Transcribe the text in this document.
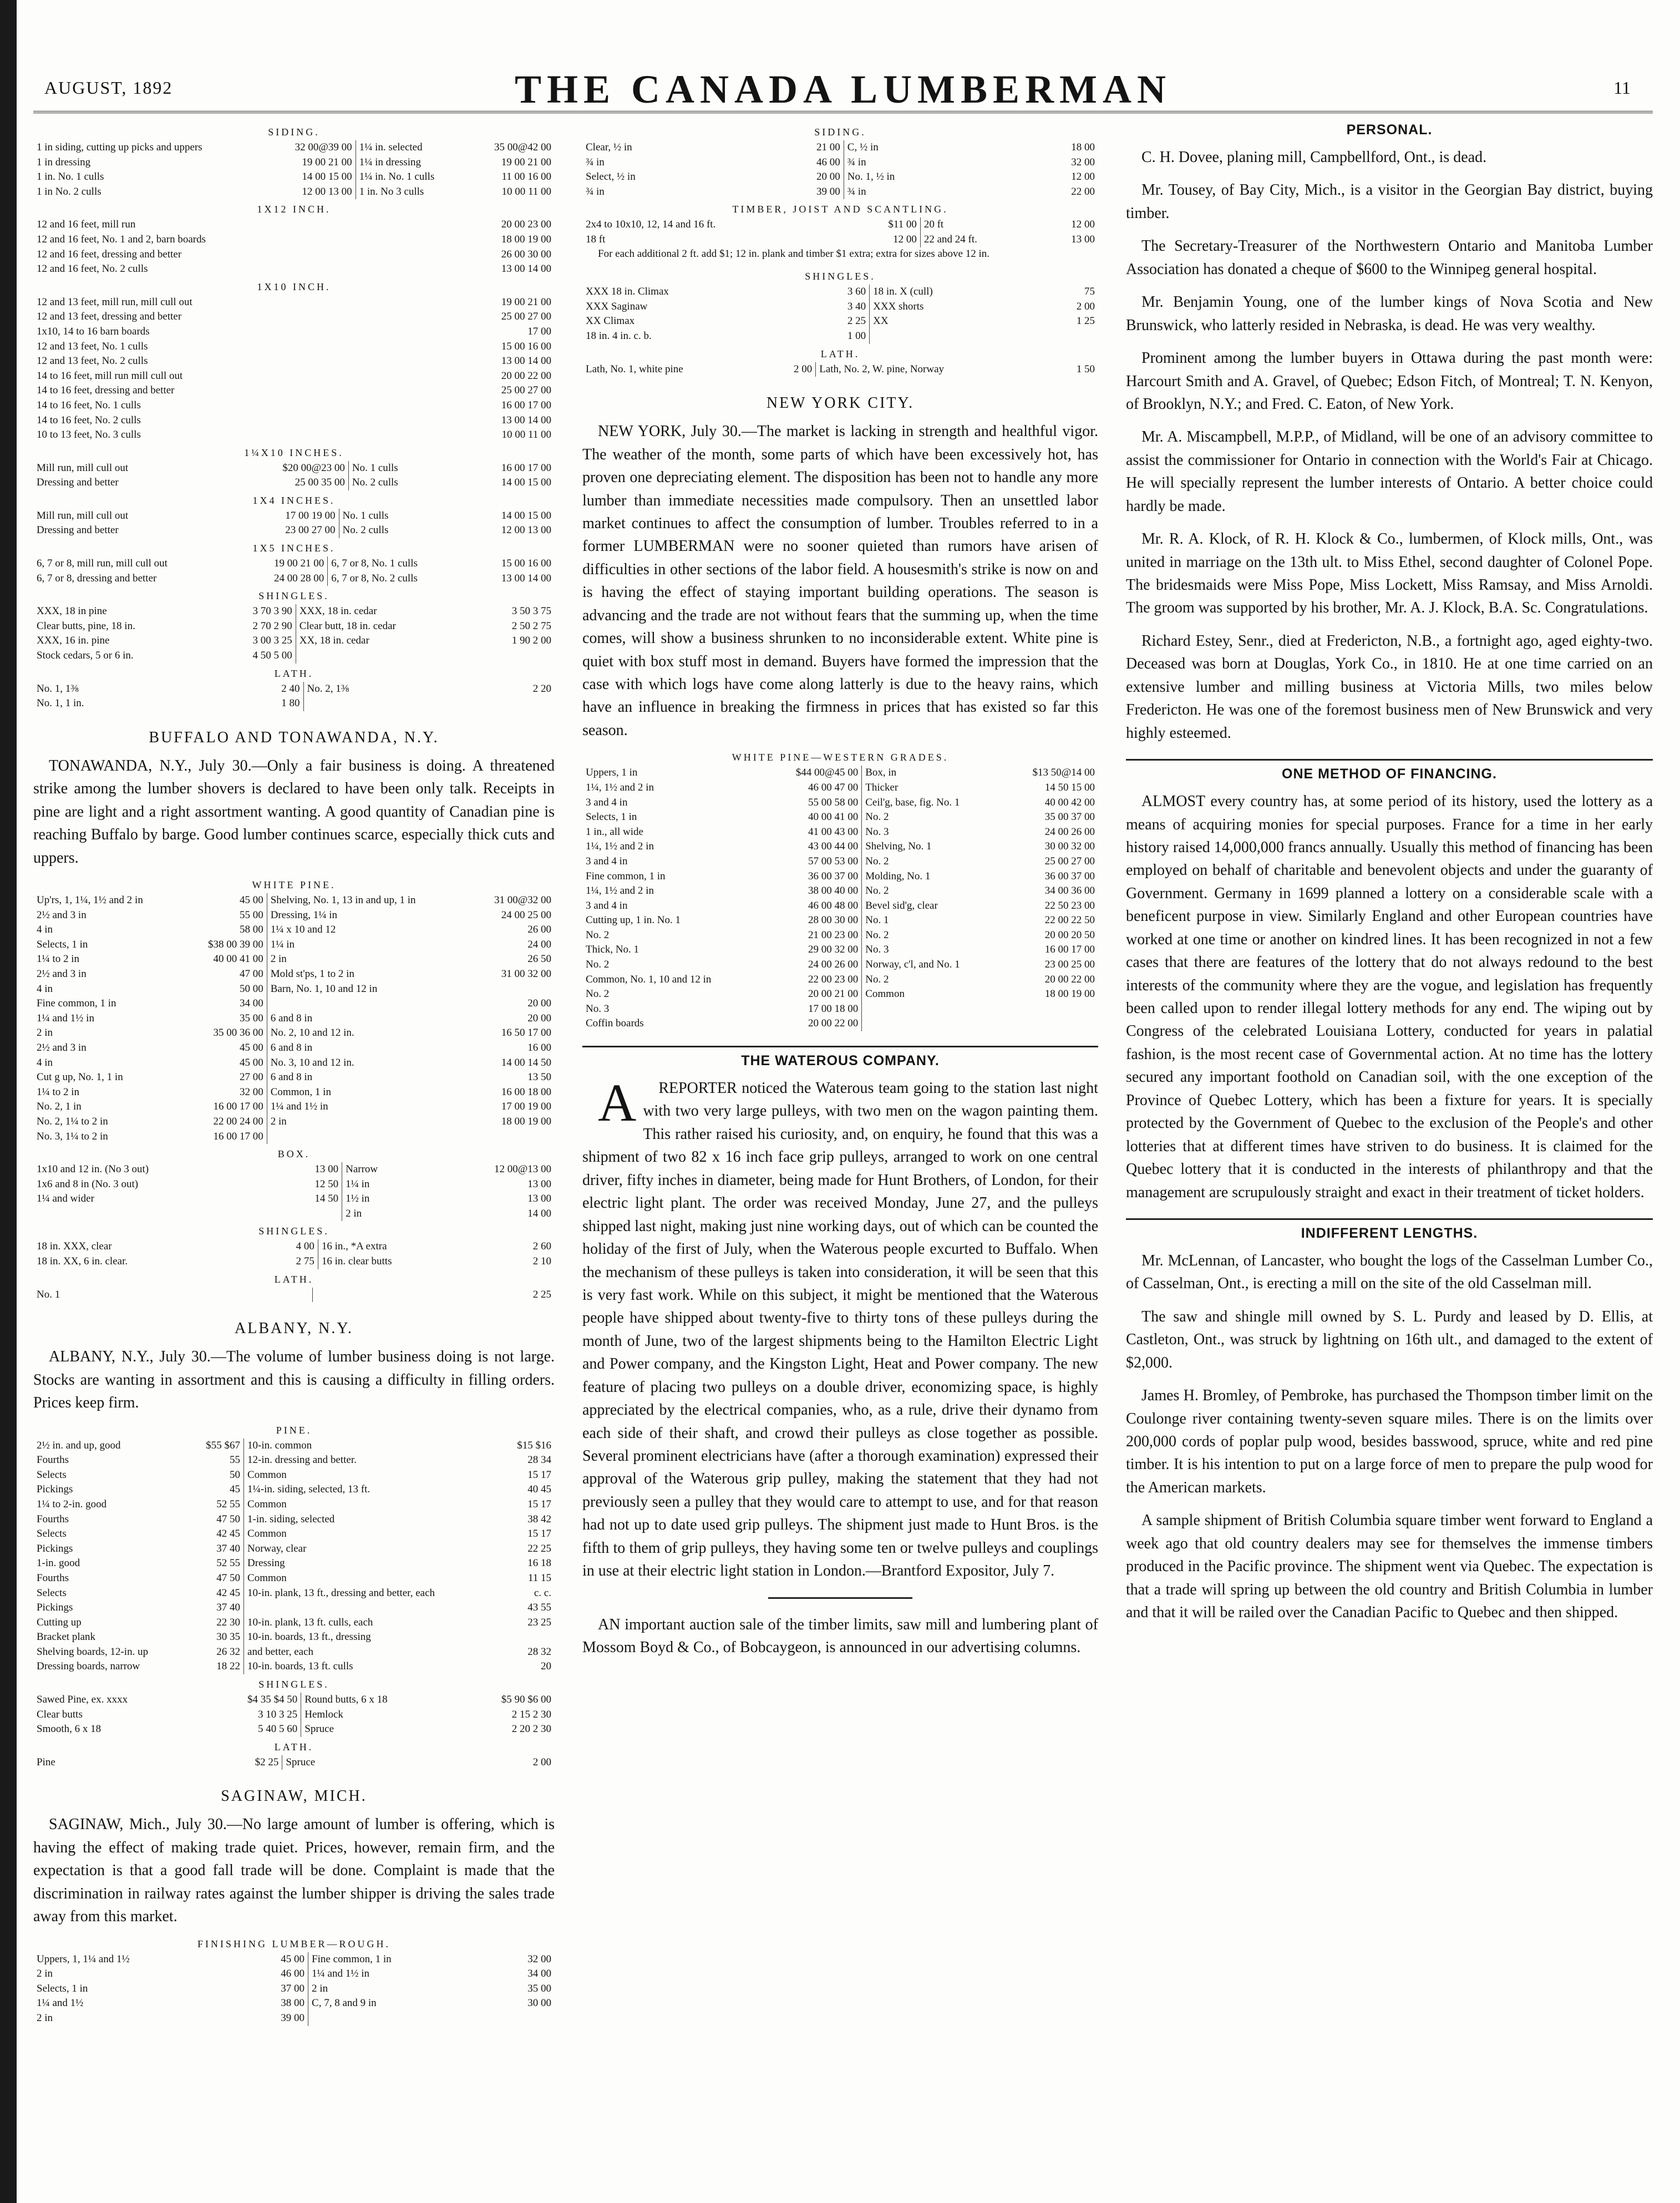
AUGUST, 1892	THE CANADA LUMBERMAN	11
SIDING.
1 in siding, cutting up picks and uppers	32 00@39 00	1¼ in. selected	35 00@42 00
1 in dressing	19 00 21 00	1¼ in dressing	19 00 21 00
1 in. No. 1 culls	14 00 15 00	1¼ in. No. 1 culls	11 00 16 00
1 in No. 2 culls	12 00 13 00	1 in. No 3 culls	10 00 11 00
1X12 INCH.
12 and 16 feet, mill run	20 00 23 00
12 and 16 feet, No. 1 and 2, barn boards	18 00 19 00
12 and 16 feet, dressing and better	26 00 30 00
12 and 16 feet, No. 2 culls	13 00 14 00
1X10 INCH.
12 and 13 feet, mill run, mill cull out	19 00 21 00
12 and 13 feet, dressing and better	25 00 27 00
1x10, 14 to 16 barn boards	17 00
12 and 13 feet, No. 1 culls	15 00 16 00
12 and 13 feet, No. 2 culls	13 00 14 00
14 to 16 feet, mill run mill cull out	20 00 22 00
14 to 16 feet, dressing and better	25 00 27 00
14 to 16 feet, No. 1 culls	16 00 17 00
14 to 16 feet, No. 2 culls	13 00 14 00
10 to 13 feet, No. 3 culls	10 00 11 00
1¼X10 INCHES.
Mill run, mill cull out	$20 00@23 00	No. 1 culls	16 00 17 00
Dressing and better	25 00 35 00	No. 2 culls	14 00 15 00
1X4 INCHES.
Mill run, mill cull out	17 00 19 00	No. 1 culls	14 00 15 00
Dressing and better	23 00 27 00	No. 2 culls	12 00 13 00
1X5 INCHES.
6, 7 or 8, mill run, mill cull out	19 00 21 00	6, 7 or 8, No. 1 culls	15 00 16 00
6, 7 or 8, dressing and better	24 00 28 00	6, 7 or 8, No. 2 culls	13 00 14 00
SHINGLES.
XXX, 18 in pine	3 70 3 90	XXX, 18 in. cedar	3 50 3 75
Clear butts, pine, 18 in.	2 70 2 90	Clear butt, 18 in. cedar	2 50 2 75
XXX, 16 in. pine	3 00 3 25	XX, 18 in. cedar	1 90 2 00
Stock cedars, 5 or 6 in.	4 50 5 00		
LATH.
No. 1, 1⅜	2 40	No. 2, 1⅜	2 20
No. 1, 1 in.	1 80		
BUFFALO AND TONAWANDA, N.Y.

TONAWANDA, N.Y., July 30.—Only a fair business is doing. A threatened strike among the lumber shovers is declared to have been only talk. Receipts in pine are light and a right assortment wanting. A good quantity of Canadian pine is reaching Buffalo by barge. Good lumber continues scarce, especially thick cuts and uppers.

WHITE PINE.
Up'rs, 1, 1¼, 1½ and 2 in	45 00	Shelving, No. 1, 13 in and up, 1 in	31 00@32 00
2½ and 3 in	55 00	Dressing, 1¼ in	24 00 25 00
4 in	58 00	1¼ x 10 and 12	26 00
Selects, 1 in	$38 00 39 00	1¼ in	24 00
1¼ to 2 in	40 00 41 00	2 in	26 50
2½ and 3 in	47 00	Mold st'ps, 1 to 2 in	31 00 32 00
4 in	50 00	Barn, No. 1, 10 and 12 in	
Fine common, 1 in	34 00		20 00
1¼ and 1½ in	35 00	6 and 8 in	20 00
2 in	35 00 36 00	No. 2, 10 and 12 in.	16 50 17 00
2½ and 3 in	45 00	6 and 8 in	16 00
4 in	45 00	No. 3, 10 and 12 in.	14 00 14 50
Cut g up, No. 1, 1 in	27 00	6 and 8 in	13 50
1¼ to 2 in	32 00	Common, 1 in	16 00 18 00
No. 2, 1 in	16 00 17 00	1¼ and 1½ in	17 00 19 00
No. 2, 1¼ to 2 in	22 00 24 00	2 in	18 00 19 00
No. 3, 1¼ to 2 in	16 00 17 00		
BOX.
1x10 and 12 in. (No 3 out)	13 00	Narrow	12 00@13 00
1x6 and 8 in (No. 3 out)	12 50	1¼ in	13 00
1¼ and wider	14 50	1½ in	13 00
		2 in	14 00
SHINGLES.
18 in. XXX, clear	4 00	16 in., *A extra	2 60
18 in. XX, 6 in. clear.	2 75	16 in. clear butts	2 10
LATH.
No. 1			2 25
ALBANY, N.Y.

ALBANY, N.Y., July 30.—The volume of lumber business doing is not large. Stocks are wanting in assortment and this is causing a difficulty in filling orders. Prices keep firm.

PINE.
2½ in. and up, good	$55 $67	10-in. common	$15 $16
Fourths	55	12-in. dressing and better.	28 34
Selects	50	Common	15 17
Pickings	45	1¼-in. siding, selected, 13 ft.	40 45
1¼ to 2-in. good	52 55	Common	15 17
Fourths	47 50	1-in. siding, selected	38 42
Selects	42 45	Common	15 17
Pickings	37 40	Norway, clear	22 25
1-in. good	52 55	Dressing	16 18
Fourths	47 50	Common	11 15
Selects	42 45	10-in. plank, 13 ft., dressing and better, each	c. c.
Pickings	37 40		43 55
Cutting up	22 30	10-in. plank, 13 ft. culls, each	23 25
Bracket plank	30 35	10-in. boards, 13 ft., dressing	
Shelving boards, 12-in. up	26 32	and better, each	28 32
Dressing boards, narrow	18 22	10-in. boards, 13 ft. culls	20
SHINGLES.
Sawed Pine, ex. xxxx	$4 35 $4 50	Round butts, 6 x 18	$5 90 $6 00
Clear butts	3 10 3 25	Hemlock	2 15 2 30
Smooth, 6 x 18	5 40 5 60	Spruce	2 20 2 30
LATH.
Pine	$2 25	Spruce	2 00
SAGINAW, MICH.

SAGINAW, Mich., July 30.—No large amount of lumber is offering, which is having the effect of making trade quiet. Prices, however, remain firm, and the expectation is that a good fall trade will be done. Complaint is made that the discrimination in railway rates against the lumber shipper is driving the sales trade away from this market.

FINISHING LUMBER—ROUGH.
Uppers, 1, 1¼ and 1½	45 00	Fine common, 1 in	32 00
2 in	46 00	1¼ and 1½ in	34 00
Selects, 1 in	37 00	2 in	35 00
1¼ and 1½	38 00	C, 7, 8 and 9 in	30 00
2 in	39 00		
SIDING.
Clear, ½ in	21 00	C, ½ in	18 00
¾ in	46 00	¾ in	32 00
Select, ½ in	20 00	No. 1, ½ in	12 00
¾ in	39 00	¾ in	22 00
TIMBER, JOIST AND SCANTLING.
2x4 to 10x10, 12, 14 and 16 ft.	$11 00	20 ft	12 00
18 ft	12 00	22 and 24 ft.	13 00

For each additional 2 ft. add $1; 12 in. plank and timber $1 extra; extra for sizes above 12 in.

SHINGLES.
XXX 18 in. Climax	3 60	18 in. X (cull)	75
XXX Saginaw	3 40	XXX shorts	2 00
XX Climax	2 25	XX	1 25
18 in. 4 in. c. b.	1 00		
LATH.
Lath, No. 1, white pine	2 00	Lath, No. 2, W. pine, Norway	1 50
NEW YORK CITY.

NEW YORK, July 30.—The market is lacking in strength and healthful vigor. The weather of the month, some parts of which have been excessively hot, has proven one depreciating element. The disposition has been not to handle any more lumber than immediate necessities made compulsory. Then an unsettled labor market continues to affect the consumption of lumber. Troubles referred to in a former LUMBERMAN were no sooner quieted than rumors have arisen of difficulties in other sections of the labor field. A housesmith's strike is now on and is having the effect of staying important building operations. The season is advancing and the trade are not without fears that the summing up, when the time comes, will show a business shrunken to no inconsiderable extent. White pine is quiet with box stuff most in demand. Buyers have formed the impression that the case with which logs have come along latterly is due to the heavy rains, which have an influence in breaking the firmness in prices that has existed so far this season.

WHITE PINE—WESTERN GRADES.
Uppers, 1 in	$44 00@45 00	Box, in	$13 50@14 00
1¼, 1½ and 2 in	46 00 47 00	Thicker	14 50 15 00
3 and 4 in	55 00 58 00	Ceil'g, base, fig. No. 1	40 00 42 00
Selects, 1 in	40 00 41 00	No. 2	35 00 37 00
1 in., all wide	41 00 43 00	No. 3	24 00 26 00
1¼, 1½ and 2 in	43 00 44 00	Shelving, No. 1	30 00 32 00
3 and 4 in	57 00 53 00	No. 2	25 00 27 00
Fine common, 1 in	36 00 37 00	Molding, No. 1	36 00 37 00
1¼, 1½ and 2 in	38 00 40 00	No. 2	34 00 36 00
3 and 4 in	46 00 48 00	Bevel sid'g, clear	22 50 23 00
Cutting up, 1 in. No. 1	28 00 30 00	No. 1	22 00 22 50
No. 2	21 00 23 00	No. 2	20 00 20 50
Thick, No. 1	29 00 32 00	No. 3	16 00 17 00
No. 2	24 00 26 00	Norway, c'l, and No. 1	23 00 25 00
Common, No. 1, 10 and 12 in	22 00 23 00	No. 2	20 00 22 00
No. 2	20 00 21 00	Common	18 00 19 00
No. 3	17 00 18 00		
Coffin boards	20 00 22 00		
THE WATEROUS COMPANY.

A REPORTER noticed the Waterous team going to the station last night with two very large pulleys, with two men on the wagon painting them. This rather raised his curiosity, and, on enquiry, he found that this was a shipment of two 82 x 16 inch face grip pulleys, arranged to work on one central driver, fifty inches in diameter, being made for Hunt Brothers, of London, for their electric light plant. The order was received Monday, June 27, and the pulleys shipped last night, making just nine working days, out of which can be counted the holiday of the first of July, when the Waterous people excurted to Buffalo. When the mechanism of these pulleys is taken into consideration, it will be seen that this is very fast work. While on this subject, it might be mentioned that the Waterous people have shipped about twenty-five to thirty tons of these pulleys during the month of June, two of the largest shipments being to the Hamilton Electric Light and Power company, and the Kingston Light, Heat and Power company. The new feature of placing two pulleys on a double driver, economizing space, is highly appreciated by the electrical companies, who, as a rule, drive their dynamo from each side of their shaft, and crowd their pulleys as close together as possible. Several prominent electricians have (after a thorough examination) expressed their approval of the Waterous grip pulley, making the statement that they had not previously seen a pulley that they would care to attempt to use, and for that reason had not up to date used grip pulleys. The shipment just made to Hunt Bros. is the fifth to them of grip pulleys, they having some ten or twelve pulleys and couplings in use at their electric light station in London.—Brantford Expositor, July 7.

AN important auction sale of the timber limits, saw mill and lumbering plant of Mossom Boyd & Co., of Bobcaygeon, is announced in our advertising columns.

PERSONAL.

C. H. Dovee, planing mill, Campbellford, Ont., is dead.

Mr. Tousey, of Bay City, Mich., is a visitor in the Georgian Bay district, buying timber.

The Secretary-Treasurer of the Northwestern Ontario and Manitoba Lumber Association has donated a cheque of $600 to the Winnipeg general hospital.

Mr. Benjamin Young, one of the lumber kings of Nova Scotia and New Brunswick, who latterly resided in Nebraska, is dead. He was very wealthy.

Prominent among the lumber buyers in Ottawa during the past month were: Harcourt Smith and A. Gravel, of Quebec; Edson Fitch, of Montreal; T. N. Kenyon, of Brooklyn, N.Y.; and Fred. C. Eaton, of New York.

Mr. A. Miscampbell, M.P.P., of Midland, will be one of an advisory committee to assist the commissioner for Ontario in connection with the World's Fair at Chicago. He will specially represent the lumber interests of Ontario. A better choice could hardly be made.

Mr. R. A. Klock, of R. H. Klock & Co., lumbermen, of Klock mills, Ont., was united in marriage on the 13th ult. to Miss Ethel, second daughter of Colonel Pope. The bridesmaids were Miss Pope, Miss Lockett, Miss Ramsay, and Miss Arnoldi. The groom was supported by his brother, Mr. A. J. Klock, B.A. Sc. Congratulations.

Richard Estey, Senr., died at Fredericton, N.B., a fortnight ago, aged eighty-two. Deceased was born at Douglas, York Co., in 1810. He at one time carried on an extensive lumber and milling business at Victoria Mills, two miles below Fredericton. He was one of the foremost business men of New Brunswick and very highly esteemed.

ONE METHOD OF FINANCING.

ALMOST every country has, at some period of its history, used the lottery as a means of acquiring monies for special purposes. France for a time in her early history raised 14,000,000 francs annually. Usually this method of financing has been employed on behalf of charitable and benevolent objects and under the guaranty of Government. Germany in 1699 planned a lottery on a considerable scale with a beneficent purpose in view. Similarly England and other European countries have worked at one time or another on kindred lines. It has been recognized in not a few cases that there are features of the lottery that do not always redound to the best interests of the community where they are the vogue, and legislation has frequently been called upon to render illegal lottery methods for any end. The wiping out by Congress of the celebrated Louisiana Lottery, conducted for years in palatial fashion, is the most recent case of Governmental action. At no time has the lottery secured any important foothold on Canadian soil, with the one exception of the Province of Quebec Lottery, which has been a fixture for years. It is specially protected by the Government of Quebec to the exclusion of the People's and other lotteries that at different times have striven to do business. It is claimed for the Quebec lottery that it is conducted in the interests of philanthropy and that the management are scrupulously straight and exact in their treatment of ticket holders.

INDIFFERENT LENGTHS.

Mr. McLennan, of Lancaster, who bought the logs of the Casselman Lumber Co., of Casselman, Ont., is erecting a mill on the site of the old Casselman mill.

The saw and shingle mill owned by S. L. Purdy and leased by D. Ellis, at Castleton, Ont., was struck by lightning on 16th ult., and damaged to the extent of $2,000.

James H. Bromley, of Pembroke, has purchased the Thompson timber limit on the Coulonge river containing twenty-seven square miles. There is on the limits over 200,000 cords of poplar pulp wood, besides basswood, spruce, white and red pine timber. It is his intention to put on a large force of men to prepare the pulp wood for the American markets.

A sample shipment of British Columbia square timber went forward to England a week ago that old country dealers may see for themselves the immense timbers produced in the Pacific province. The shipment went via Quebec. The expectation is that a trade will spring up between the old country and British Columbia in lumber and that it will be railed over the Canadian Pacific to Quebec and then shipped.
